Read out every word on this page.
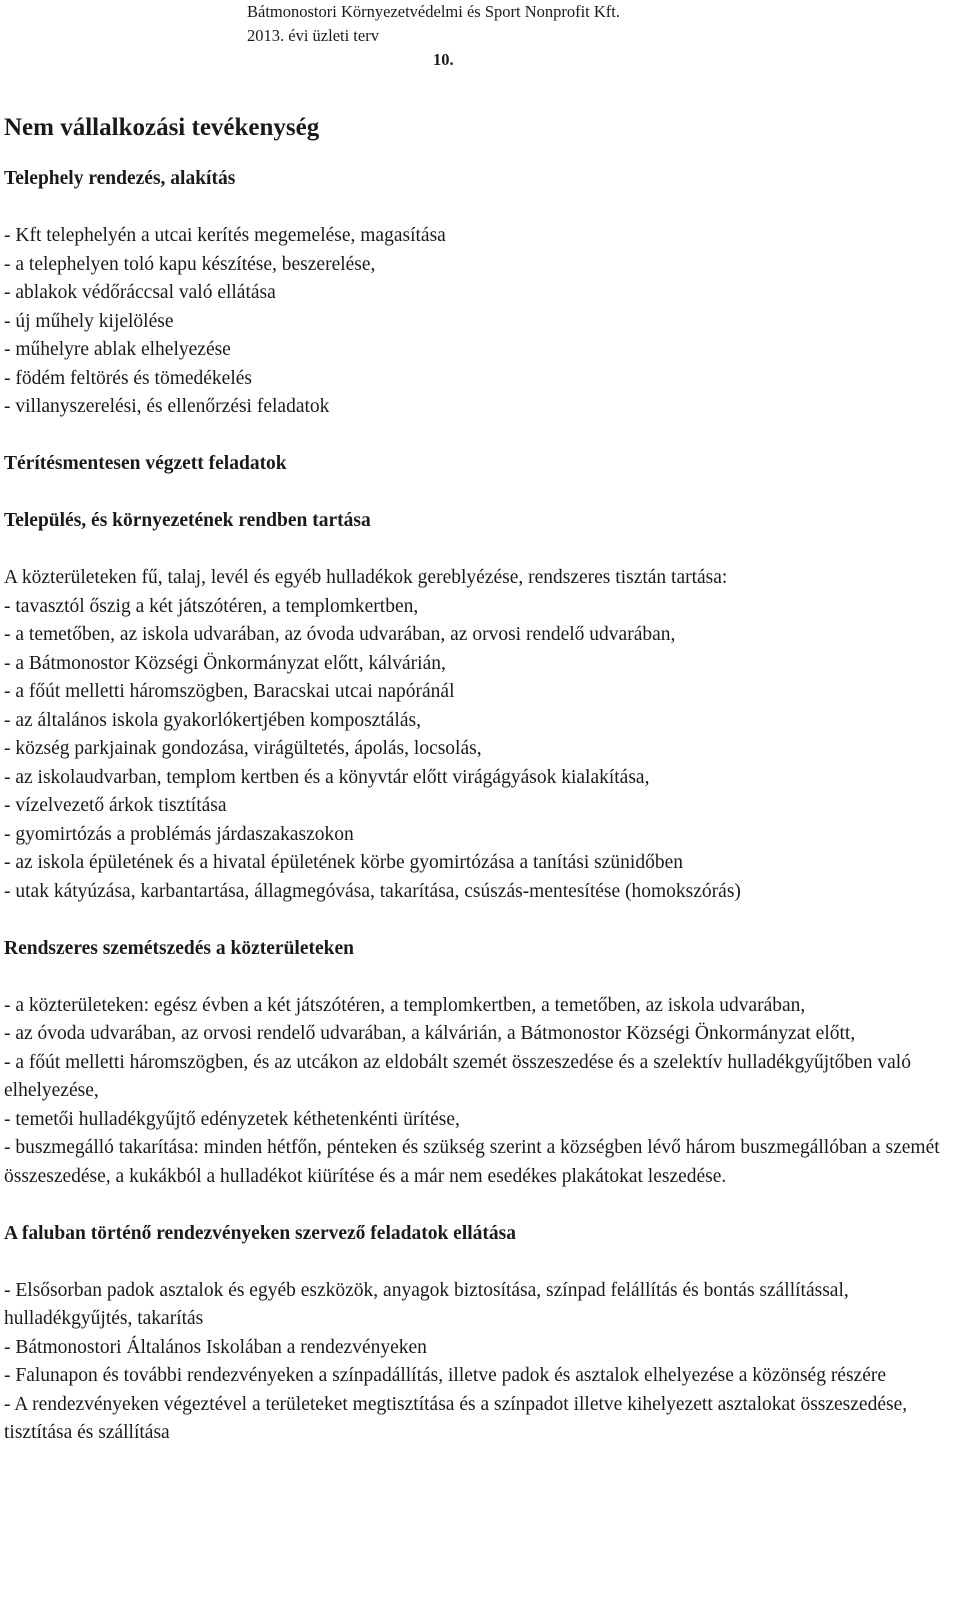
Bátmonostori Környezetvédelmi és Sport Nonprofit Kft.
2013. évi üzleti terv
10.
Nem vállalkozási tevékenység
Telephely rendezés, alakítás
- Kft telephelyén a utcai kerítés megemelése, magasítása
- a telephelyen toló kapu készítése, beszerelése,
- ablakok védőráccsal való ellátása
- új műhely kijelölése
- műhelyre ablak elhelyezése
- födém feltörés és tömedékelés
- villanyszerelési, és ellenőrzési feladatok
Térítésmentesen végzett feladatok
Település, és környezetének rendben tartása
A közterületeken fű, talaj, levél és egyéb hulladékok gereblyézése, rendszeres tisztán tartása:
- tavasztól őszig a két játszótéren, a templomkertben,
- a temetőben, az iskola udvarában, az óvoda udvarában, az orvosi rendelő udvarában,
- a Bátmonostor Községi Önkormányzat előtt, kálvárián,
- a főút melletti háromszögben, Baracskai utcai napóránál
- az általános iskola gyakorlókertjében komposztálás,
- község parkjainak gondozása, virágültetés, ápolás, locsolás,
- az iskolaudvarban, templom kertben és a könyvtár előtt virágágyások kialakítása,
- vízelvezető árkok tisztítása
- gyomirtózás a problémás járdaszakaszokon
- az iskola épületének és a hivatal épületének körbe gyomirtózása a tanítási szünidőben
- utak kátyúzása, karbantartása, állagmegóvása, takarítása, csúszás-mentesítése (homokszórás)
Rendszeres szemétszedés a közterületeken
- a közterületeken: egész évben a két játszótéren, a templomkertben, a temetőben, az iskola udvarában,
- az óvoda udvarában, az orvosi rendelő udvarában, a kálvárián, a Bátmonostor Községi Önkormányzat előtt,
- a főút melletti háromszögben, és az utcákon az eldobált szemét összeszedése és a szelektív hulladékgyűjtőben való elhelyezése,
- temetői hulladékgyűjtő edényzetek kéthetenkénti ürítése,
- buszmegálló takarítása: minden hétfőn, pénteken és szükség szerint a községben lévő három buszmegállóban a szemét összeszedése, a kukákból a hulladékot kiürítése és a már nem esedékes plakátokat leszedése.
A faluban történő rendezvényeken szervező feladatok ellátása
- Elsősorban padok asztalok és egyéb eszközök, anyagok biztosítása, színpad felállítás és bontás szállítással, hulladékgyűjtés, takarítás
- Bátmonostori Általános Iskolában a rendezvényeken
- Falunapon és további rendezvényeken a színpadállítás, illetve padok és asztalok elhelyezése a közönség részére
- A rendezvényeken végeztével a területeket megtisztítása és a színpadot illetve kihelyezett asztalokat összeszedése, tisztítása és szállítása
